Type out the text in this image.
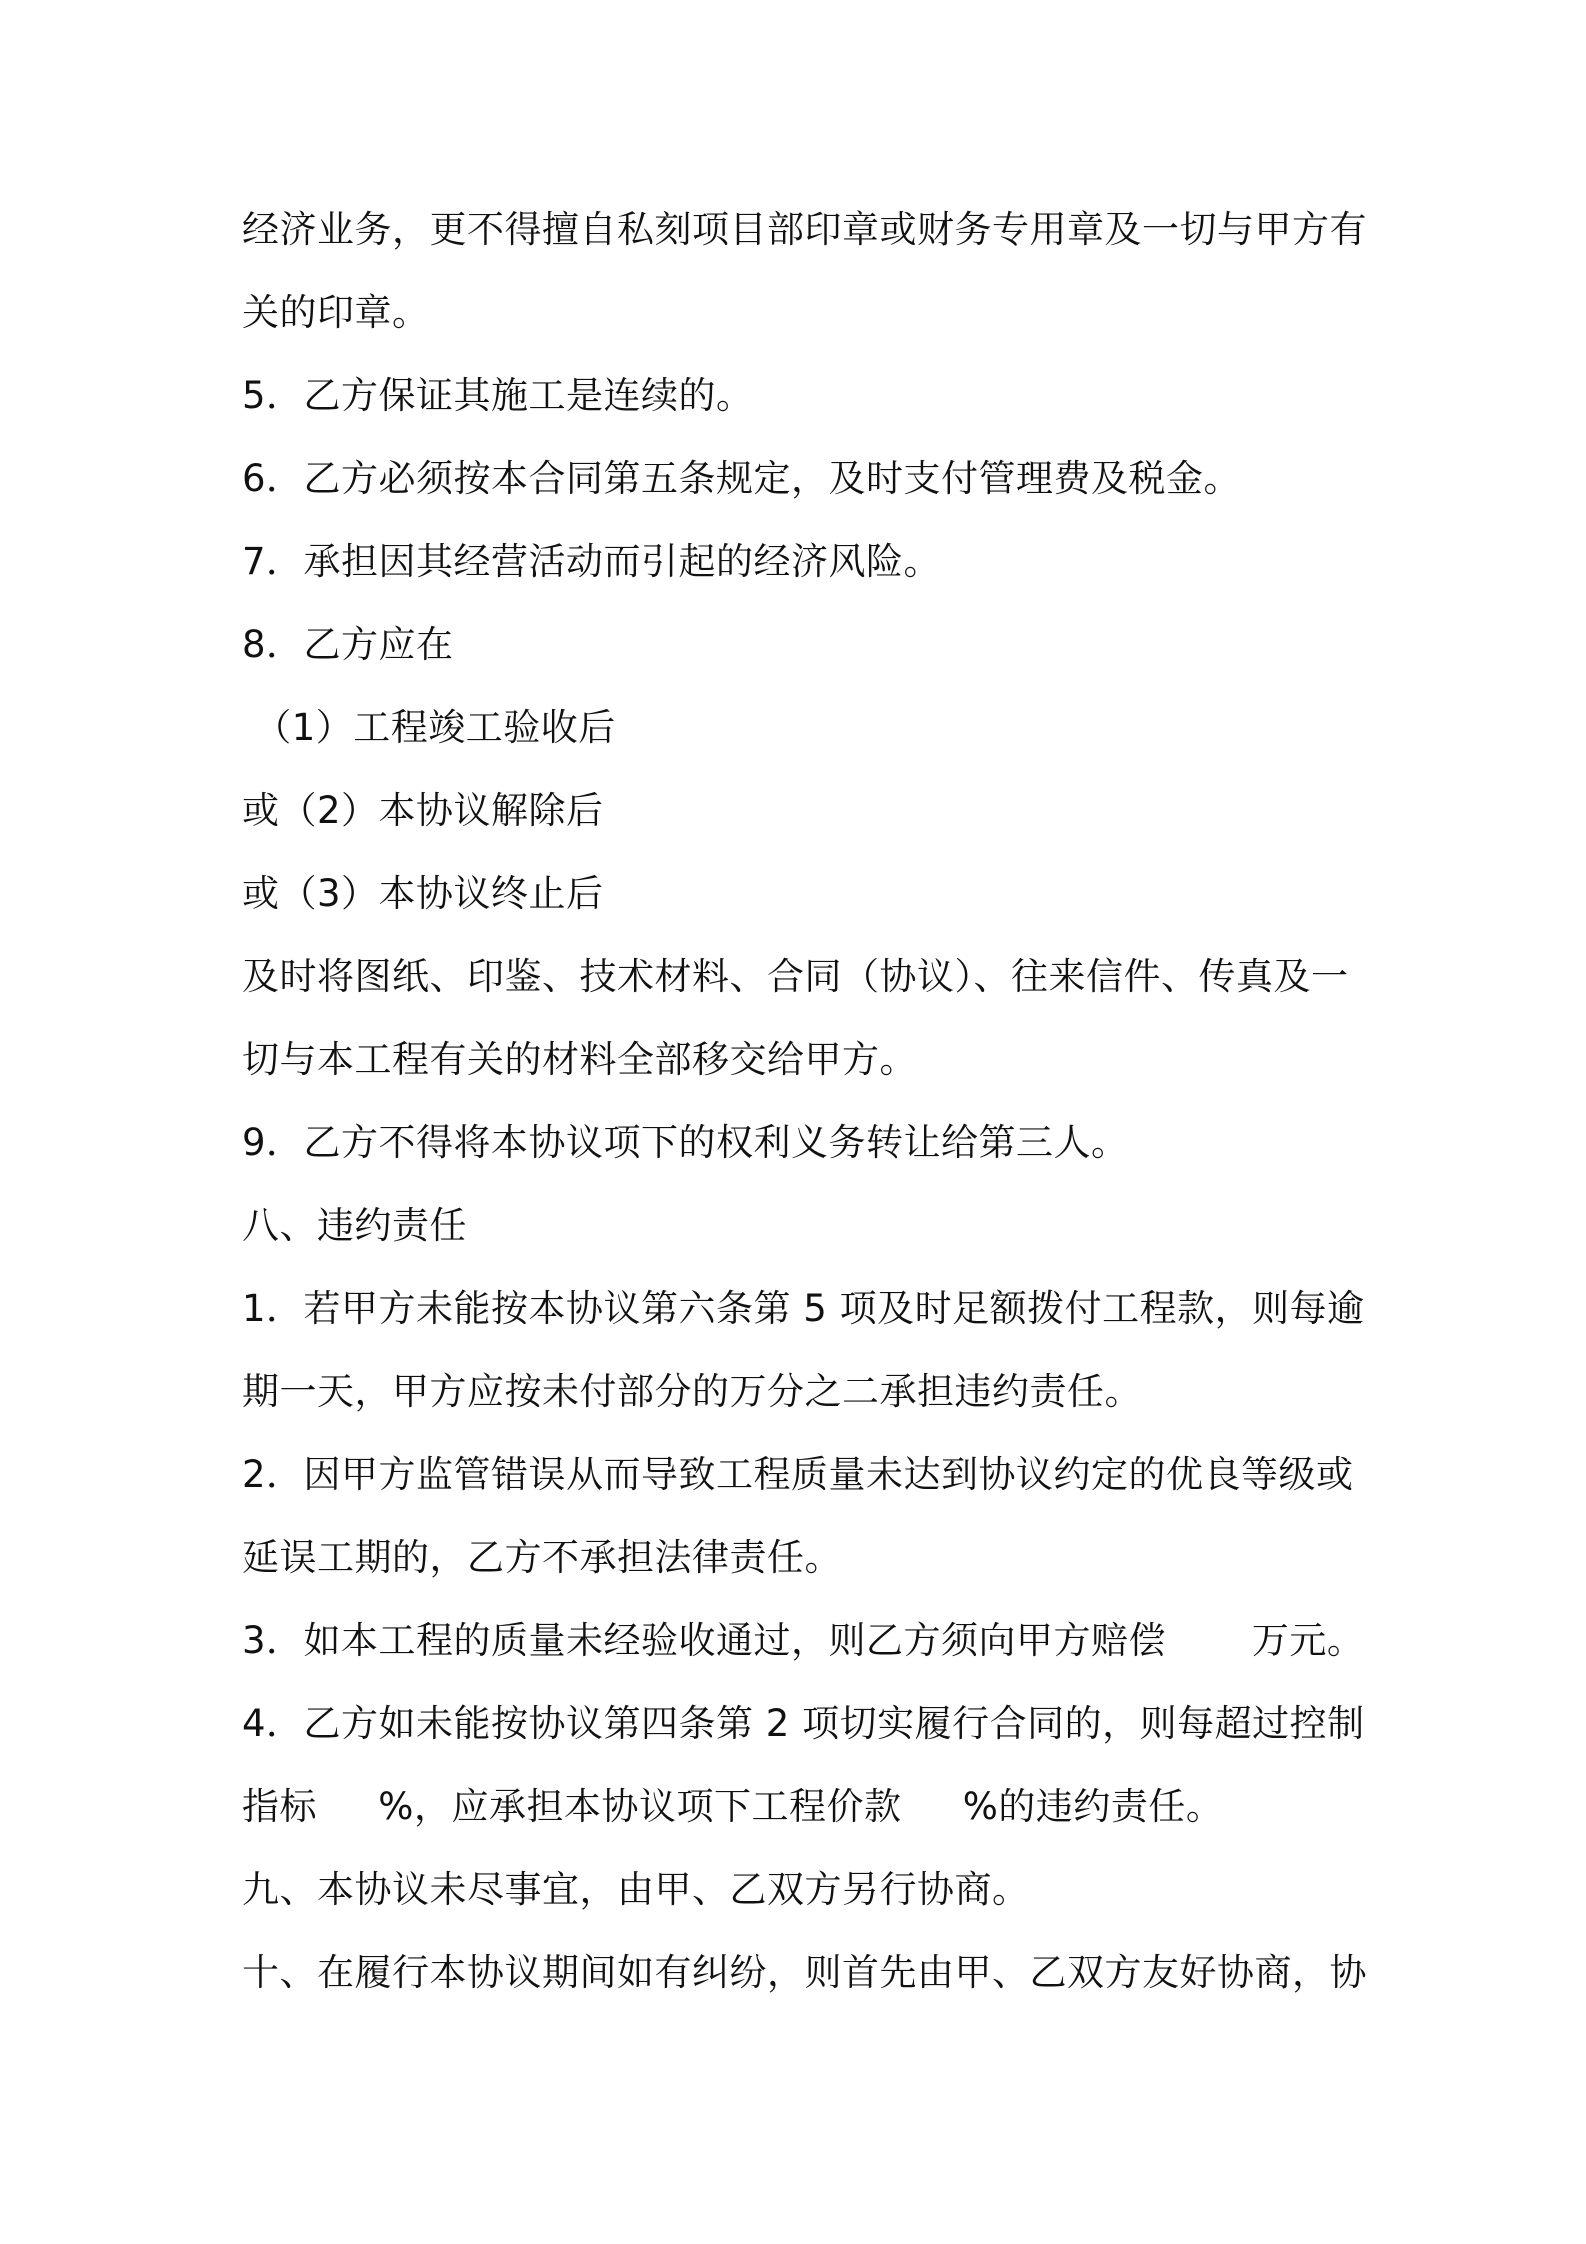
经济业务，更不得擅自私刻项目部印章或财务专用章及一切与甲方有
关的印章。
5．乙方保证其施工是连续的。
6．乙方必须按本合同第五条规定，及时支付管理费及税金。
7．承担因其经营活动而引起的经济风险。
8．乙方应在
（1）工程竣工验收后
或（2）本协议解除后
或（3）本协议终止后
及时将图纸、印鉴、技术材料、合同（协议）、往来信件、传真及一
切与本工程有关的材料全部移交给甲方。
9．乙方不得将本协议项下的权利义务转让给第三人。
八、违约责任
1．若甲方未能按本协议第六条第 5 项及时足额拨付工程款，则每逾
期一天，甲方应按未付部分的万分之二承担违约责任。
2．因甲方监管错误从而导致工程质量未达到协议约定的优良等级或
延误工期的，乙方不承担法律责任。
3．如本工程的质量未经验收通过，则乙方须向甲方赔偿       万元。
4．乙方如未能按协议第四条第 2 项切实履行合同的，则每超过控制
指标     %，应承担本协议项下工程价款     %的违约责任。
九、本协议未尽事宜，由甲、乙双方另行协商。
十、在履行本协议期间如有纠纷，则首先由甲、乙双方友好协商，协
